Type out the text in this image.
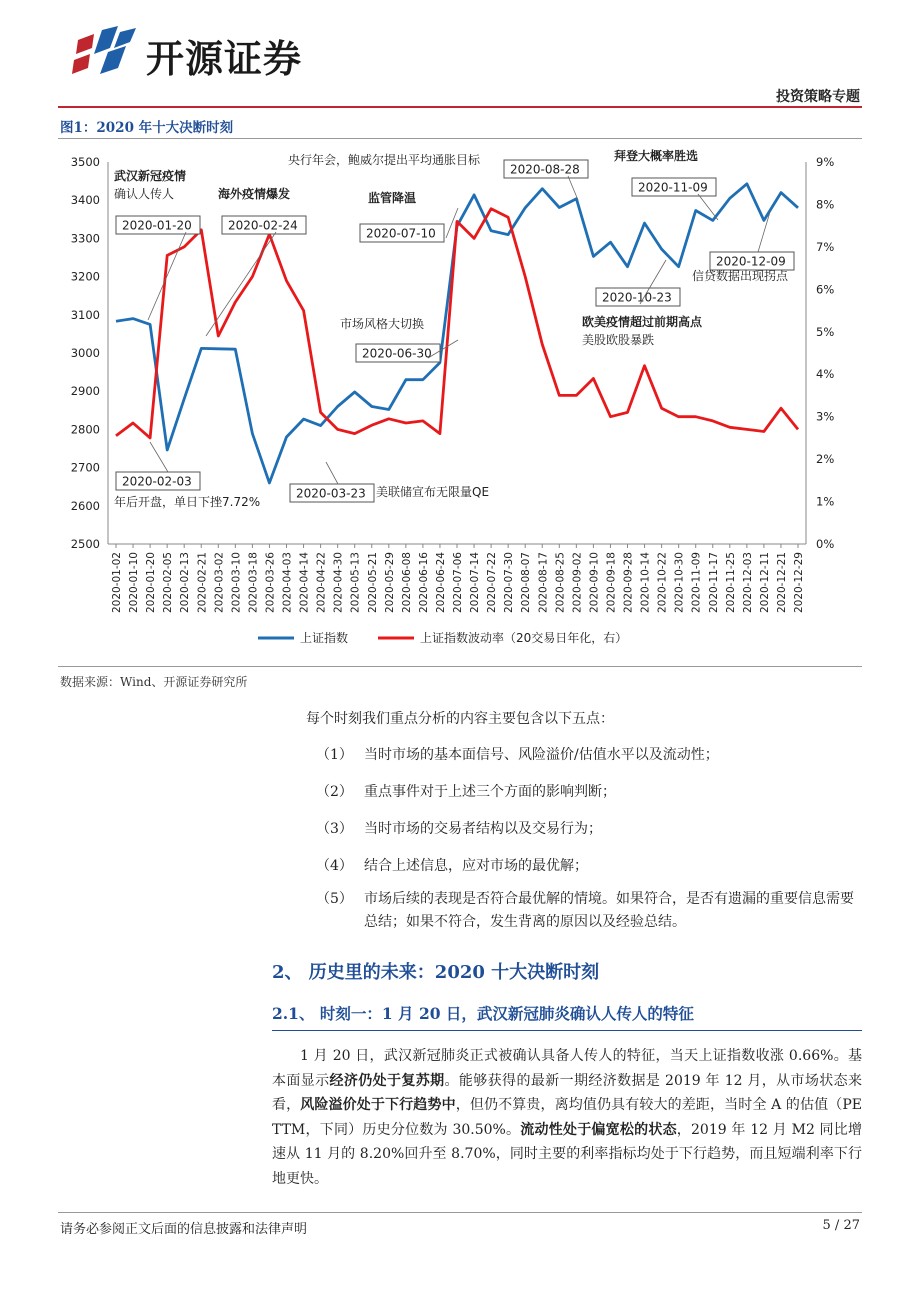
开源证券
投资策略专题
图1：2020 年十大决断时刻
2500
2600
2700
2800
2900
3000
3100
3200
3300
3400
3500
0%
1%
2%
3%
4%
5%
6%
7%
8%
9%
2020-01-02 2020-01-10 2020-01-20 2020-02-05 2020-02-13 2020-02-21 2020-03-02 2020-03-10 2020-03-18 2020-03-26 2020-04-03 2020-04-14 2020-04-22 2020-04-30 2020-05-13 2020-05-21 2020-05-29 2020-06-08 2020-06-16 2020-06-24 2020-07-06 2020-07-14 2020-07-22 2020-07-30 2020-08-07 2020-08-17 2020-08-25 2020-09-02 2020-09-10 2020-09-18 2020-09-28 2020-10-14 2020-10-22 2020-10-30 2020-11-09 2020-11-17 2020-11-25 2020-12-03 2020-12-11 2020-12-21 2020-12-29
武汉新冠疫情
确认人传人
2020-01-20
海外疫情爆发
2020-02-24
央行年会，鲍威尔提出平均通胀目标
2020-08-28
拜登大概率胜选
2020-11-09
监管降温
2020-07-10
2020-12-09
信贷数据出现拐点
2020-10-23
欧美疫情超过前期高点
美股欧股暴跌
市场风格大切换
2020-06-30
2020-02-03
年后开盘，单日下挫7.72%
2020-03-23 美联储宣布无限量QE
上证指数	上证指数波动率（20交易日年化，右）
数据来源：Wind、开源证券研究所
每个时刻我们重点分析的内容主要包含以下五点：
（1） 当时市场的基本面信号、风险溢价/估值水平以及流动性；
（2） 重点事件对于上述三个方面的影响判断；
（3） 当时市场的交易者结构以及交易行为；
（4） 结合上述信息，应对市场的最优解；
（5） 市场后续的表现是否符合最优解的情境。如果符合，是否有遗漏的重要信息需要总结；如果不符合，发生背离的原因以及经验总结。
2、 历史里的未来：2020 十大决断时刻
2.1、 时刻一：1 月 20 日，武汉新冠肺炎确认人传人的特征
1 月 20 日，武汉新冠肺炎正式被确认具备人传人的特征，当天上证指数收涨 0.66%。基本面显示经济仍处于复苏期。能够获得的最新一期经济数据是 2019 年 12 月，从市场状态来看，风险溢价处于下行趋势中，但仍不算贵，离均值仍具有较大的差距，当时全 A 的估值（PE TTM，下同）历史分位数为 30.50%。流动性处于偏宽松的状态，2019 年 12 月 M2 同比增速从 11 月的 8.20%回升至 8.70%，同时主要的利率指标均处于下行趋势，而且短端利率下行地更快。
请务必参阅正文后面的信息披露和法律声明	5 / 27
